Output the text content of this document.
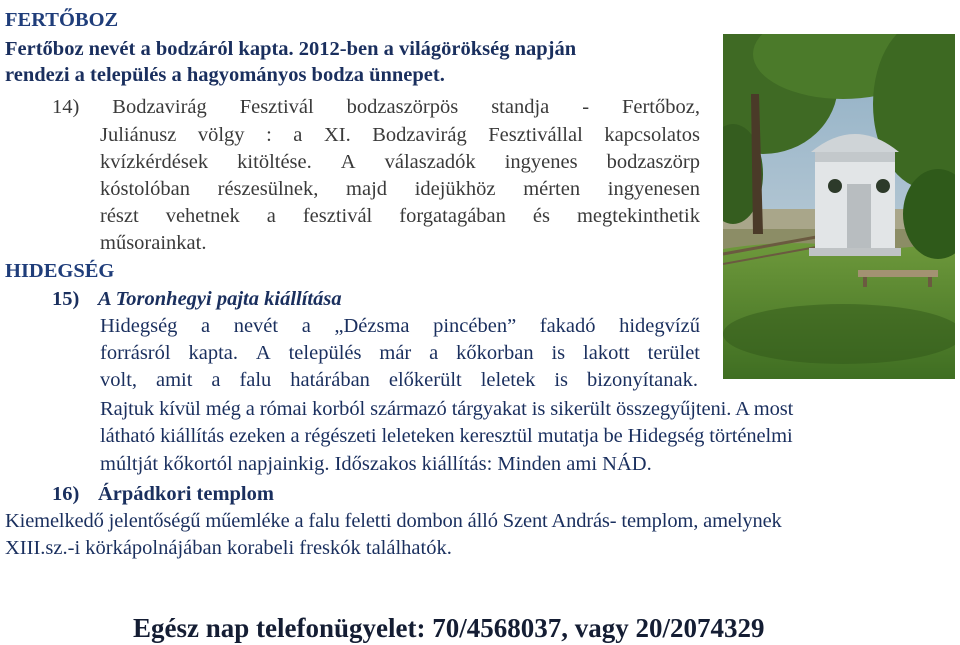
FERTŐBOZ
Fertőboz nevét a bodzáról kapta. 2012-ben a világörökség napján
rendezi a település a hagyományos bodza ünnepet.
14) Bodzavirág Fesztivál bodzaszörpös standja - Fertőboz,
Juliánusz völgy : a XI. Bodzavirág Fesztivállal kapcsolatos
kvízkérdések kitöltése. A válaszadók ingyenes bodzaszörp
kóstolóban részesülnek, majd idejükhöz mérten ingyenesen
részt vehetnek a fesztivál forgatagában és megtekinthetik
műsorainkat.
HIDEGSÉG
15) A Toronhegyi pajta kiállítása
Hidegség a nevét a „Dézsma pincében” fakadó hidegvízű
forrásról kapta. A település már a kőkorban is lakott terület
volt, amit a falu határában előkerült leletek is bizonyítanak.
Rajtuk kívül még a római korból származó tárgyakat is sikerült összegyűjteni. A most
látható kiállítás ezeken a régészeti leleteken keresztül mutatja be Hidegség történelmi
múltját kőkortól napjainkig. Időszakos kiállítás: Minden ami NÁD.
16) Árpádkori templom
Kiemelkedő jelentőségű műemléke a falu feletti dombon álló Szent András- templom, amelynek
XIII.sz.-i körkápolnájában korabeli freskók találhatók.
Egész nap telefonügyelet: 70/4568037, vagy 20/2074329
